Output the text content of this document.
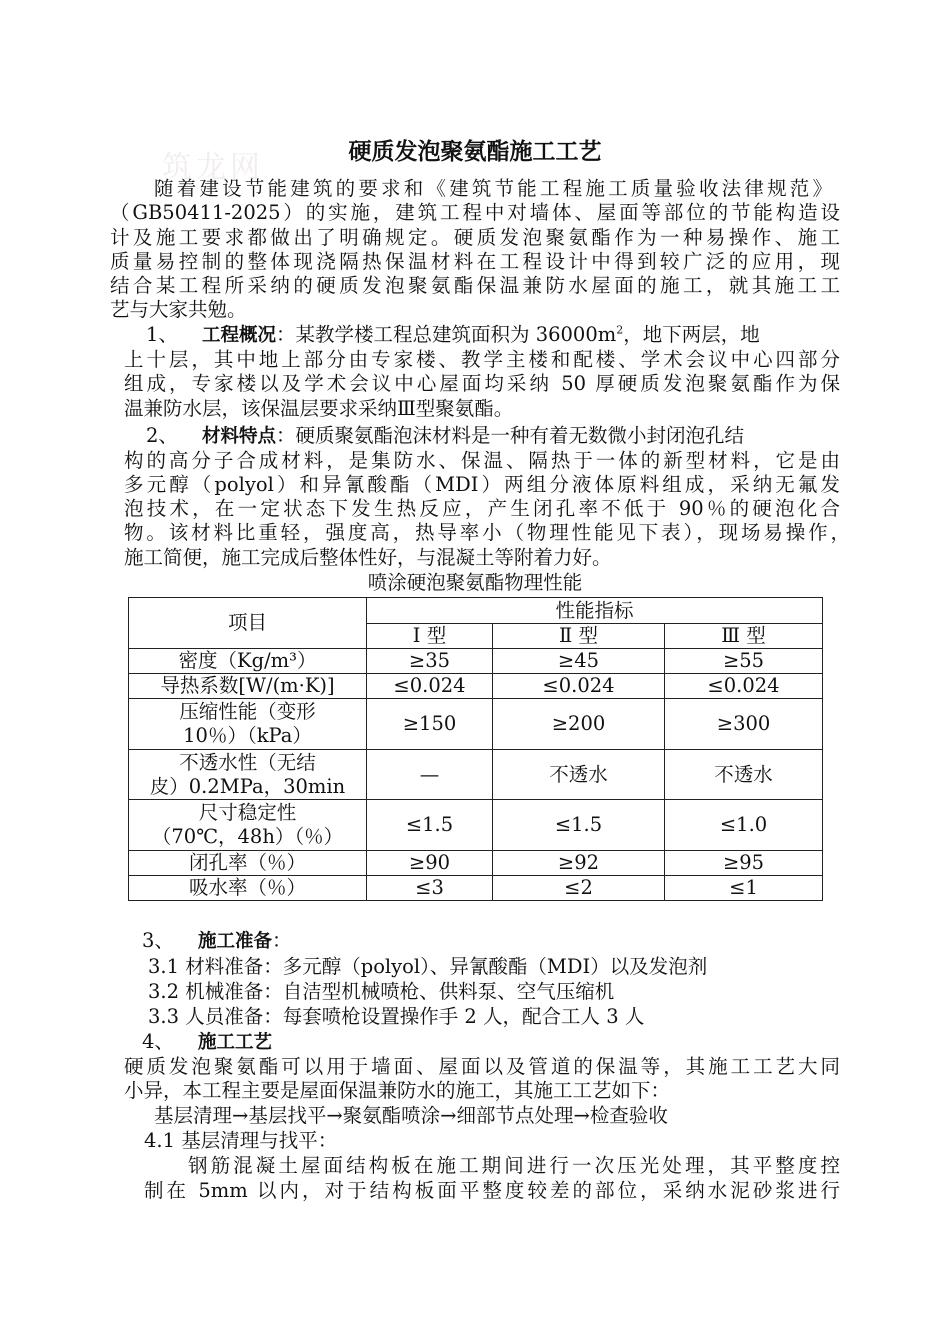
筑龙网	硬质发泡聚氨酯施工工艺
随着建设节能建筑的要求和《建筑节能工程施工质量验收法律规范》
（GB50411-2025）的实施，建筑工程中对墙体、屋面等部位的节能构造设
计及施工要求都做出了明确规定。硬质发泡聚氨酯作为一种易操作、施工
质量易控制的整体现浇隔热保温材料在工程设计中得到较广泛的应用，现
结合某工程所采纳的硬质发泡聚氨酯保温兼防水屋面的施工，就其施工工
艺与大家共勉。
1、 工程概况：某教学楼工程总建筑面积为 $36000m^2$，地下两层，地
上十层，其中地上部分由专家楼、教学主楼和配楼、学术会议中心四部分
组成，专家楼以及学术会议中心屋面均采纳 50 厚硬质发泡聚氨酯作为保
温兼防水层，该保温层要求采纳Ⅲ型聚氨酯。
2、 材料特点：硬质聚氨酯泡沫材料是一种有着无数微小封闭泡孔结
构的高分子合成材料，是集防水、保温、隔热于一体的新型材料，它是由
多元醇（polyol）和异氰酸酯（MDI）两组分液体原料组成，采纳无氟发
泡技术，在一定状态下发生热反应，产生闭孔率不低于 90％的硬泡化合
物。该材料比重轻，强度高，热导率小（物理性能见下表），现场易操作，
施工简便，施工完成后整体性好，与混凝土等附着力好。
喷涂硬泡聚氨酯物理性能
项目	性能指标		
	Ⅰ 型	Ⅱ 型	Ⅲ 型
密度（Kg/m³）	≥35	≥45	≥55
导热系数[W/(m·K)]	≤0.024	≤0.024	≤0.024

压缩性能（变形
10％）（kPa）	≥150	≥200	≥300

不透水性（无结
皮）0.2MPa，30min	—	不透水	不透水

尺寸稳定性
（70℃，48h）（％）	≤1.5	≤1.5	≤1.0
闭孔率（％）	≥90	≥92	≥95
吸水率（％）	≤3	≤2	≤1
3、 施工准备：
3.1 材料准备：多元醇（polyol）、异氰酸酯（MDI）以及发泡剂
3.2 机械准备：自洁型机械喷枪、供料泵、空气压缩机
3.3 人员准备：每套喷枪设置操作手 2 人，配合工人 3 人
4、 施工工艺
硬质发泡聚氨酯可以用于墙面、屋面以及管道的保温等，其施工工艺大同
小异，本工程主要是屋面保温兼防水的施工，其施工工艺如下：
基层清理→基层找平→聚氨酯喷涂→细部节点处理→检查验收
4.1 基层清理与找平：
钢筋混凝土屋面结构板在施工期间进行一次压光处理，其平整度控
制在 5mm 以内，对于结构板面平整度较差的部位，采纳水泥砂浆进行
